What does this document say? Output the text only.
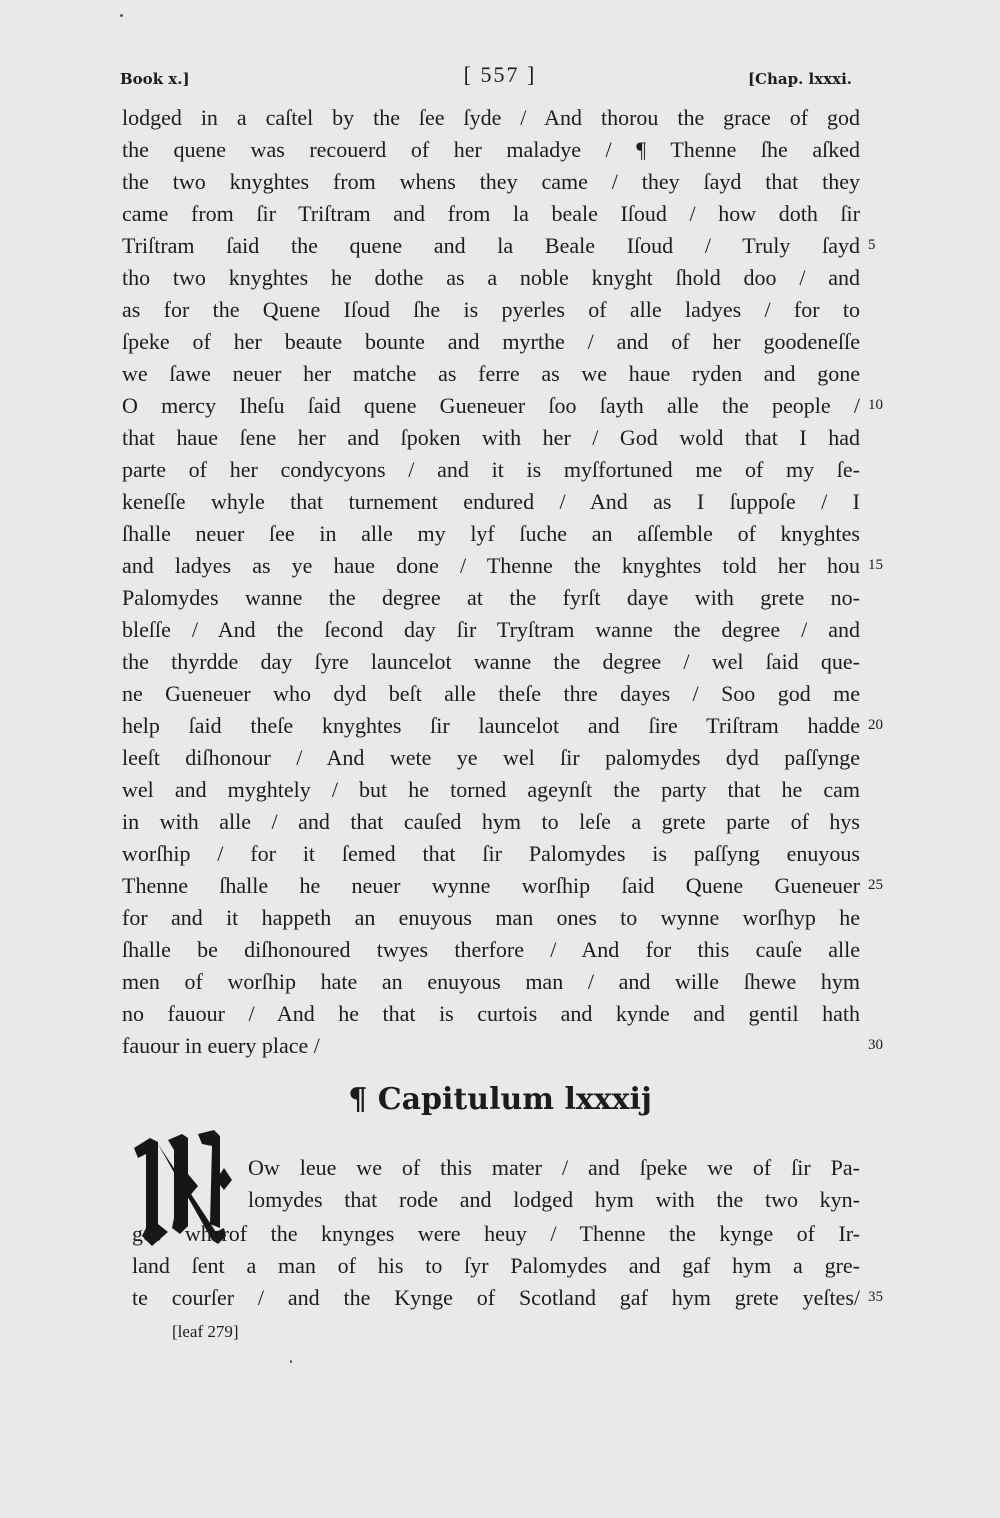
Book x.]	[ 557 ]	[Chap. lxxxi.
lodged in a caſtel by the ſee ſyde / And thorou the grace of god
the quene was recouerd of her maladye / ¶ Thenne ſhe aſked
the two knyghtes from whens they came / they ſayd that they
came from ſir Triſtram and from la beale Iſoud / how doth ſir
Triſtram ſaid the quene and la Beale Iſoud / Truly ſayd 5
tho two knyghtes he dothe as a noble knyght ſhold doo / and
as for the Quene Iſoud ſhe is pyerles of alle ladyes / for to
ſpeke of her beaute bounte and myrthe / and of her goodeneſſe
we ſawe neuer her matche as ferre as we haue ryden and gone
O mercy Iheſu ſaid quene Gueneuer ſoo ſayth alle the people / 10
that haue ſene her and ſpoken with her / God wold that I had
parte of her condycyons / and it is myſfortuned me of my ſe-
keneſſe whyle that turnement endured / And as I ſuppoſe / I
ſhalle neuer ſee in alle my lyf ſuche an aſſemble of knyghtes
and ladyes as ye haue done / Thenne the knyghtes told her hou 15
Palomydes wanne the degree at the fyrſt daye with grete no-
bleſſe / And the ſecond day ſir Tryſtram wanne the degree / and
the thyrdde day ſyre launcelot wanne the degree / wel ſaid que-
ne Gueneuer who dyd beſt alle theſe thre dayes / Soo god me
help ſaid theſe knyghtes ſir launcelot and ſire Triſtram hadde 20
leeſt diſhonour / And wete ye wel ſir palomydes dyd paſſynge
wel and myghtely / but he torned ageynſt the party that he cam
in with alle / and that cauſed hym to leſe a grete parte of hys
worſhip / for it ſemed that ſir Palomydes is paſſyng enuyous
Thenne ſhalle he neuer wynne worſhip ſaid Quene Gueneuer 25
for and it happeth an enuyous man ones to wynne worſhyp he
ſhalle be diſhonoured twyes therfore / And for this cauſe alle
men of worſhip hate an enuyous man / and wille ſhewe hym
no fauour / And he that is curtois and kynde and gentil hath
fauour in euery place /	30
¶ Capitulum lxxxij
Ow leue we of this mater / and ſpeke we of ſir Pa-
lomydes that rode and lodged hym with the two kyn-
ges wherof the knynges were heuy / Thenne the kynge of Ir-
land ſent a man of his to ſyr Palomydes and gaf hym a gre-
te courſer / and the Kynge of Scotland gaf hym grete yeſtes/ 35
[leaf 279]
